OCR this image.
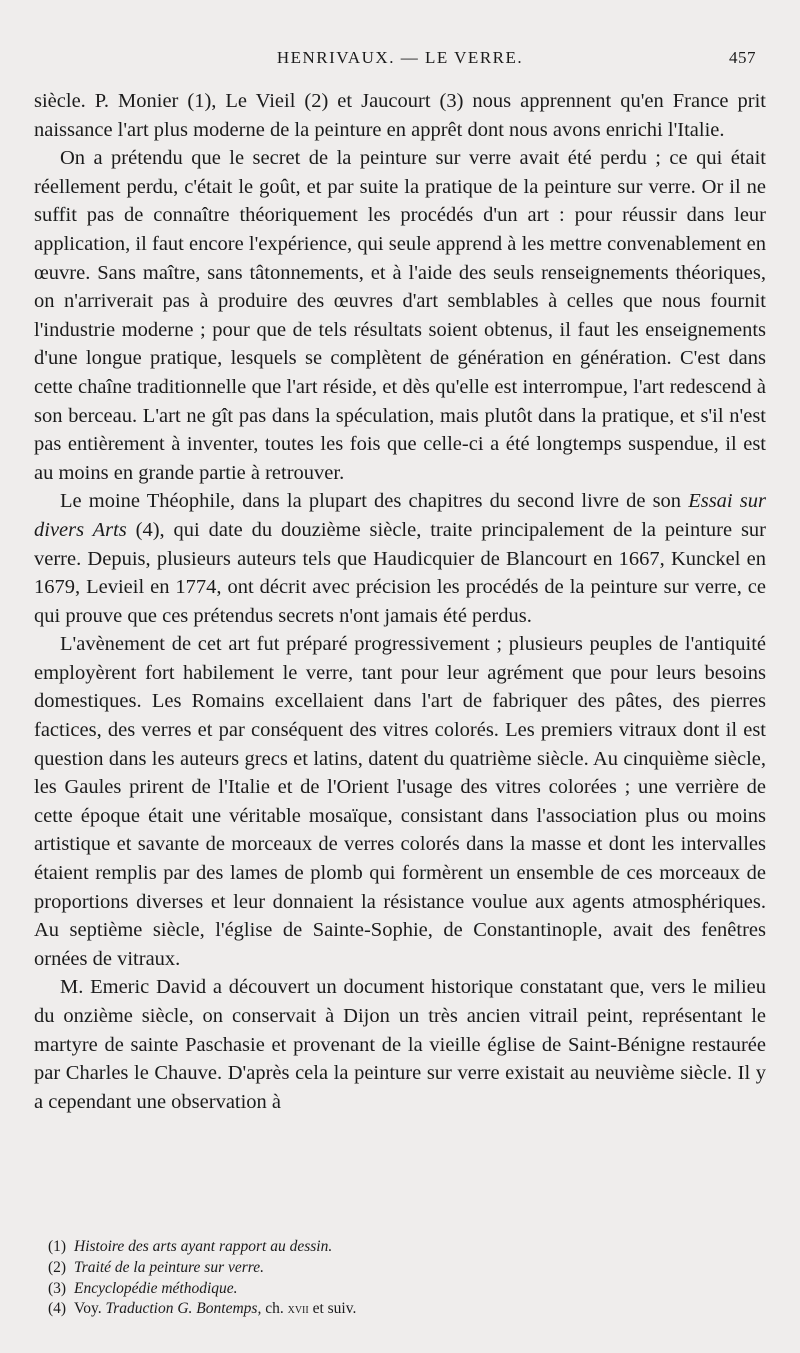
HENRIVAUX. — LE VERRE.	457

siècle. P. Monier (1), Le Vieil (2) et Jaucourt (3) nous apprennent qu'en France prit naissance l'art plus moderne de la peinture en apprêt dont nous avons enrichi l'Italie.

On a prétendu que le secret de la peinture sur verre avait été perdu ; ce qui était réellement perdu, c'était le goût, et par suite la pratique de la peinture sur verre. Or il ne suffit pas de connaître théoriquement les procédés d'un art : pour réussir dans leur application, il faut encore l'expérience, qui seule apprend à les mettre convenablement en œuvre. Sans maître, sans tâtonnements, et à l'aide des seuls renseignements théoriques, on n'arriverait pas à produire des œuvres d'art semblables à celles que nous fournit l'industrie moderne ; pour que de tels résultats soient obtenus, il faut les enseignements d'une longue pratique, lesquels se complètent de génération en génération. C'est dans cette chaîne traditionnelle que l'art réside, et dès qu'elle est interrompue, l'art redescend à son berceau. L'art ne gît pas dans la spéculation, mais plutôt dans la pratique, et s'il n'est pas entièrement à inventer, toutes les fois que celle-ci a été longtemps suspendue, il est au moins en grande partie à retrouver.

Le moine Théophile, dans la plupart des chapitres du second livre de son Essai sur divers Arts (4), qui date du douzième siècle, traite principalement de la peinture sur verre. Depuis, plusieurs auteurs tels que Haudicquier de Blancourt en 1667, Kunckel en 1679, Levieil en 1774, ont décrit avec précision les procédés de la peinture sur verre, ce qui prouve que ces prétendus secrets n'ont jamais été perdus.

L'avènement de cet art fut préparé progressivement ; plusieurs peuples de l'antiquité employèrent fort habilement le verre, tant pour leur agrément que pour leurs besoins domestiques. Les Romains excellaient dans l'art de fabriquer des pâtes, des pierres factices, des verres et par conséquent des vitres colorés. Les premiers vitraux dont il est question dans les auteurs grecs et latins, datent du quatrième siècle. Au cinquième siècle, les Gaules prirent de l'Italie et de l'Orient l'usage des vitres colorées ; une verrière de cette époque était une véritable mosaïque, consistant dans l'association plus ou moins artistique et savante de morceaux de verres colorés dans la masse et dont les intervalles étaient remplis par des lames de plomb qui formèrent un ensemble de ces morceaux de proportions diverses et leur donnaient la résistance voulue aux agents atmosphériques. Au septième siècle, l'église de Sainte-Sophie, de Constantinople, avait des fenêtres ornées de vitraux.

M. Emeric David a découvert un document historique constatant que, vers le milieu du onzième siècle, on conservait à Dijon un très ancien vitrail peint, représentant le martyre de sainte Paschasie et provenant de la vieille église de Saint-Bénigne restaurée par Charles le Chauve. D'après cela la peinture sur verre existait au neuvième siècle. Il y a cependant une observation à

(1) Histoire des arts ayant rapport au dessin.
(2) Traité de la peinture sur verre.
(3) Encyclopédie méthodique.
(4) Voy. Traduction G. Bontemps, ch. xvii et suiv.
